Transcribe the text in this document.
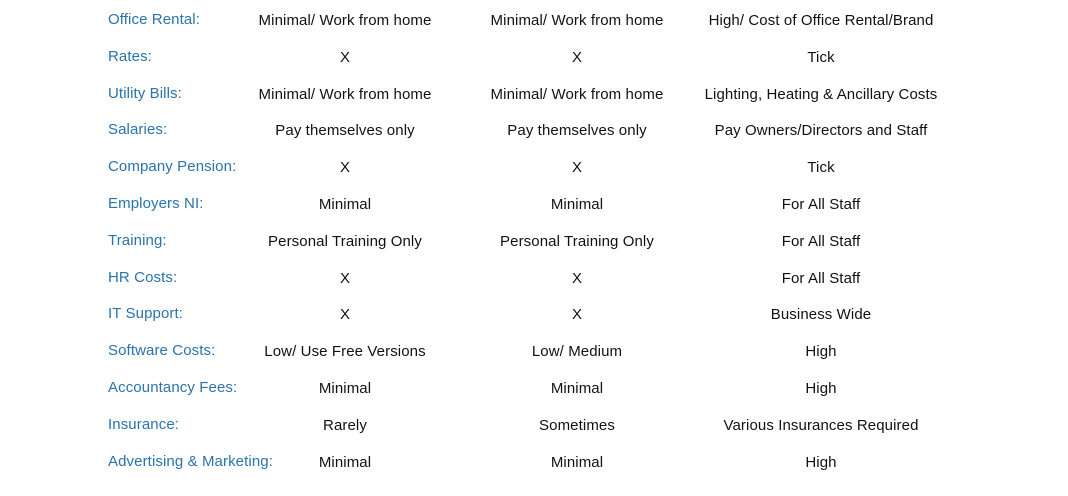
Office Rental:	Minimal/ Work from home	Minimal/ Work from home	High/ Cost of Office Rental/Brand
Rates:	X	X	Tick
Utility Bills:	Minimal/ Work from home	Minimal/ Work from home	Lighting, Heating & Ancillary Costs
Salaries:	Pay themselves only	Pay themselves only	Pay Owners/Directors and Staff
Company Pension:	X	X	Tick
Employers NI:	Minimal	Minimal	For All Staff
Training:	Personal Training Only	Personal Training Only	For All Staff
HR Costs:	X	X	For All Staff
IT Support:	X	X	Business Wide
Software Costs:	Low/ Use Free Versions	Low/ Medium	High
Accountancy Fees:	Minimal	Minimal	High
Insurance:	Rarely	Sometimes	Various Insurances Required
Advertising & Marketing:	Minimal	Minimal	High
